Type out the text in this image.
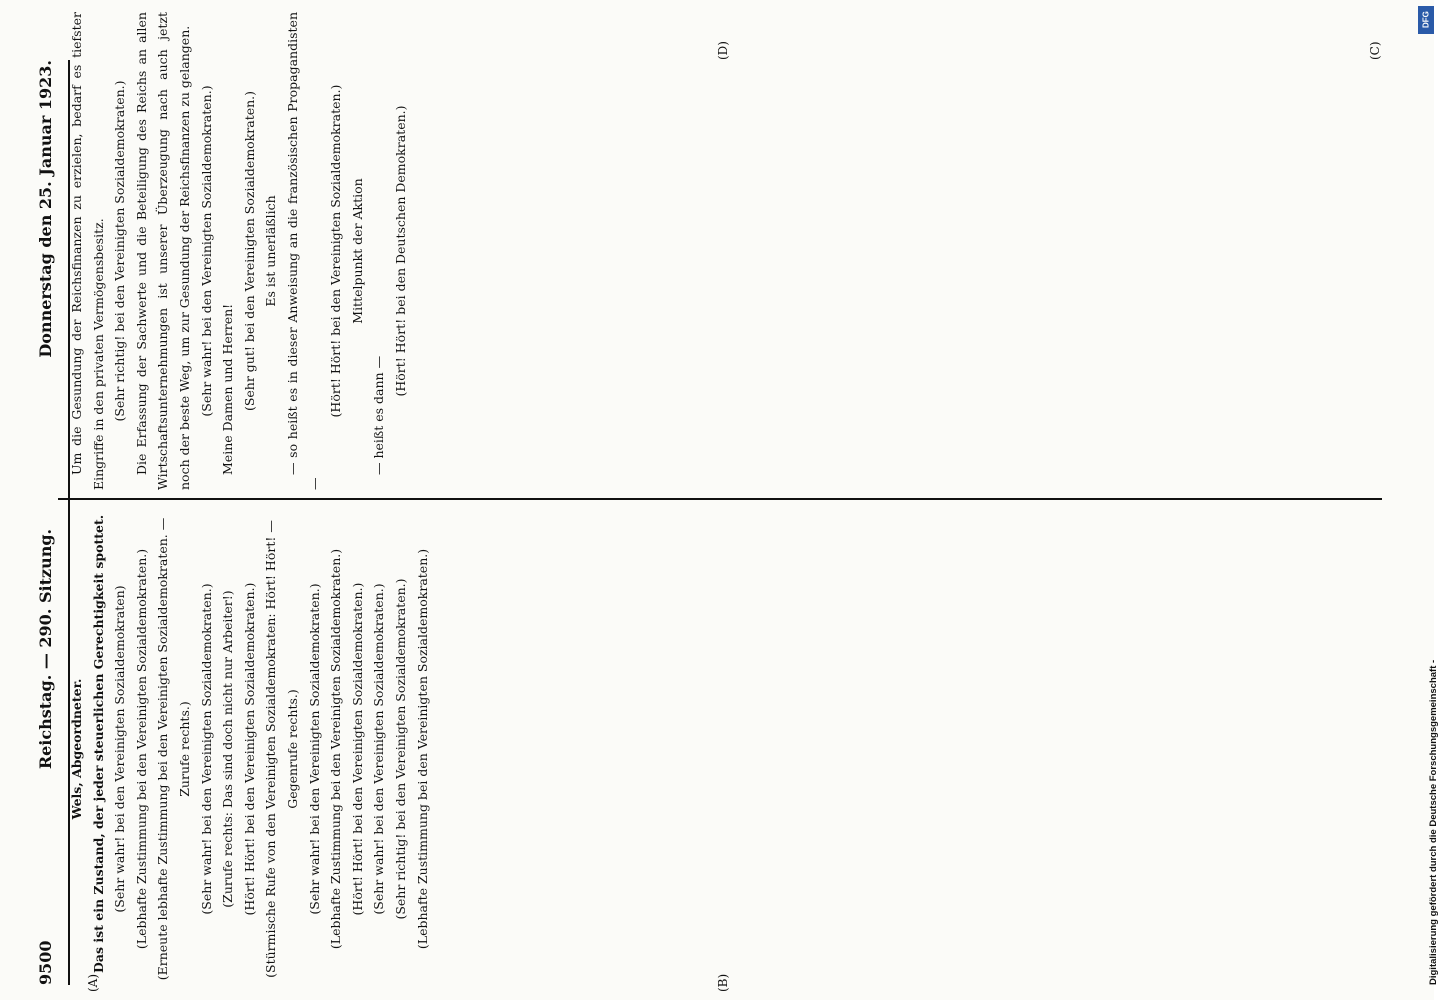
9500
Reichstag. — 290. Sitzung.
Donnerstag den 25. Januar 1923.

Wels, Abgeordneter. Das ist ein Zustand, der jeder steuerlichen Gerechtigkeit spottet. (Sehr wahr! bei den Vereinigten Sozialdemokraten) (Lebhafte Zustimmung bei den Vereinigten Sozialdemokraten.) (Erneute lebhafte Zustimmung bei den Vereinigten Sozialdemokraten. — Zurufe rechts.) (Sehr wahr! bei den Vereinigten Sozialdemokraten.) (Zurufe rechts: Das sind doch nicht nur Arbeiter!) (Hört! Hört! bei den Vereinigten Sozialdemokraten.) (Stürmische Rufe von den Vereinigten Sozialdemokraten: Hört! Hört! — Gegenrufe rechts.) (Sehr wahr! bei den Vereinigten Sozialdemokraten.) (Lebhafte Zustimmung bei den Vereinigten Sozialdemokraten.) (Hört! Hört! bei den Vereinigten Sozialdemokraten.) (Sehr wahr! bei den Vereinigten Sozialdemokraten.) (Sehr richtig! bei den Vereinigten Sozialdemokraten.) (Lebhafte Zustimmung bei den Vereinigten Sozialdemokraten.)

Um die Gesundung der Reichsfinanzen zu erzielen, bedarf es tiefster Eingriffe in den privaten Vermögensbesitz. (Sehr richtig! bei den Vereinigten Sozialdemokraten.) Die Erfassung der Sachwerte und die Beteiligung des Reichs an allen Wirtschaftsunternehmungen ist unserer Überzeugung nach auch jetzt noch der beste Weg, um zur Gesundung der Reichsfinanzen zu gelangen. (Sehr wahr! bei den Vereinigten Sozialdemokraten.) Meine Damen und Herren! (Sehr gut! bei den Vereinigten Sozialdemokraten.) Es ist unerläßlich — so heißt es in dieser Anweisung an die französischen Propagandisten —

(Hört! Hört! bei den Vereinigten Sozialdemokraten.) Mittelpunkt der Aktion

— heißt es dann —

(Hört! Hört! bei den Deutschen Demokraten.)

(A)	(B)
(C)
(D)
Digitalisierung gefördert durch die Deutsche Forschungsgemeinschaft -
DFG
